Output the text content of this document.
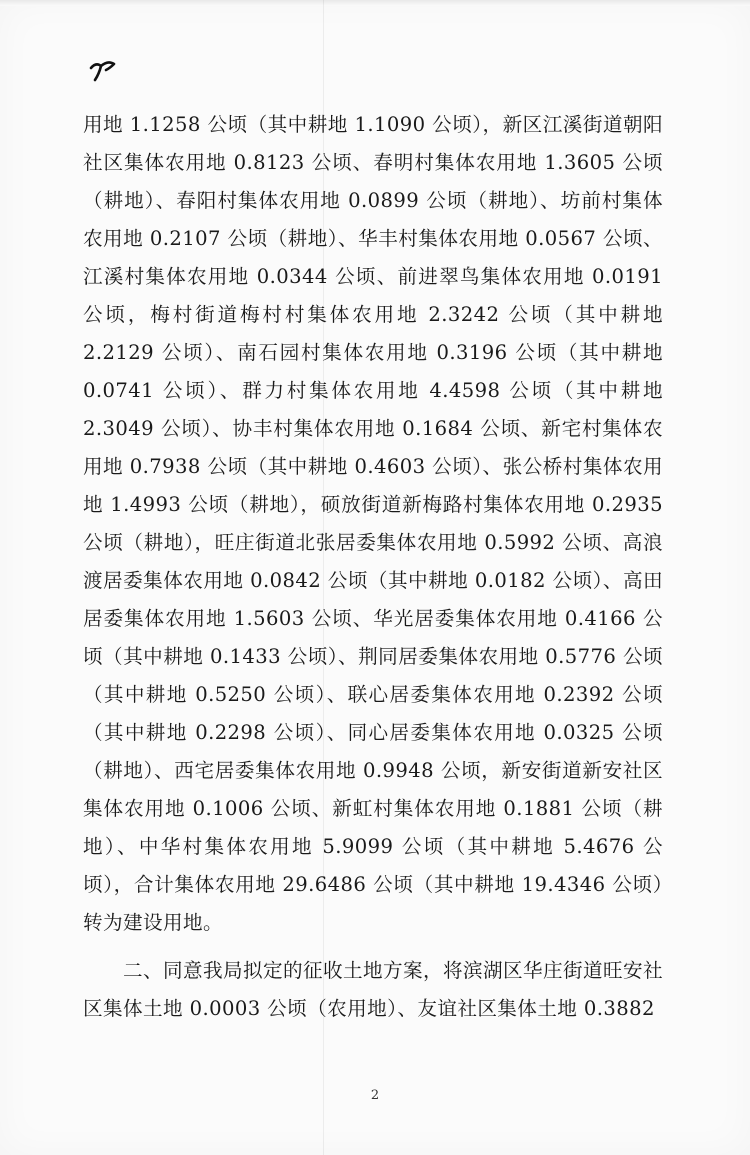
用地 1.1258 公顷（其中耕地 1.1090 公顷），新区江溪街道朝阳社区集体农用地 0.8123 公顷、春明村集体农用地 1.3605 公顷（耕地）、春阳村集体农用地 0.0899 公顷（耕地）、坊前村集体农用地 0.2107 公顷（耕地）、华丰村集体农用地 0.0567 公顷、江溪村集体农用地 0.0344 公顷、前进翠鸟集体农用地 0.0191 公顷，梅村街道梅村村集体农用地 2.3242 公顷（其中耕地 2.2129 公顷）、南石园村集体农用地 0.3196 公顷（其中耕地 0.0741 公顷）、群力村集体农用地 4.4598 公顷（其中耕地 2.3049 公顷）、协丰村集体农用地 0.1684 公顷、新宅村集体农用地 0.7938 公顷（其中耕地 0.4603 公顷）、张公桥村集体农用地 1.4993 公顷（耕地），硕放街道新梅路村集体农用地 0.2935 公顷（耕地），旺庄街道北张居委集体农用地 0.5992 公顷、高浪渡居委集体农用地 0.0842 公顷（其中耕地 0.0182 公顷）、高田居委集体农用地 1.5603 公顷、华光居委集体农用地 0.4166 公顷（其中耕地 0.1433 公顷）、荆同居委集体农用地 0.5776 公顷（其中耕地 0.5250 公顷）、联心居委集体农用地 0.2392 公顷（其中耕地 0.2298 公顷）、同心居委集体农用地 0.0325 公顷（耕地）、西宅居委集体农用地 0.9948 公顷，新安街道新安社区集体农用地 0.1006 公顷、新虹村集体农用地 0.1881 公顷（耕地）、中华村集体农用地 5.9099 公顷（其中耕地 5.4676 公顷），合计集体农用地 29.6486 公顷（其中耕地 19.4346 公顷）转为建设用地。

二、同意我局拟定的征收土地方案，将滨湖区华庄街道旺安社区集体土地 0.0003 公顷（农用地）、友谊社区集体土地 0.3882

2
